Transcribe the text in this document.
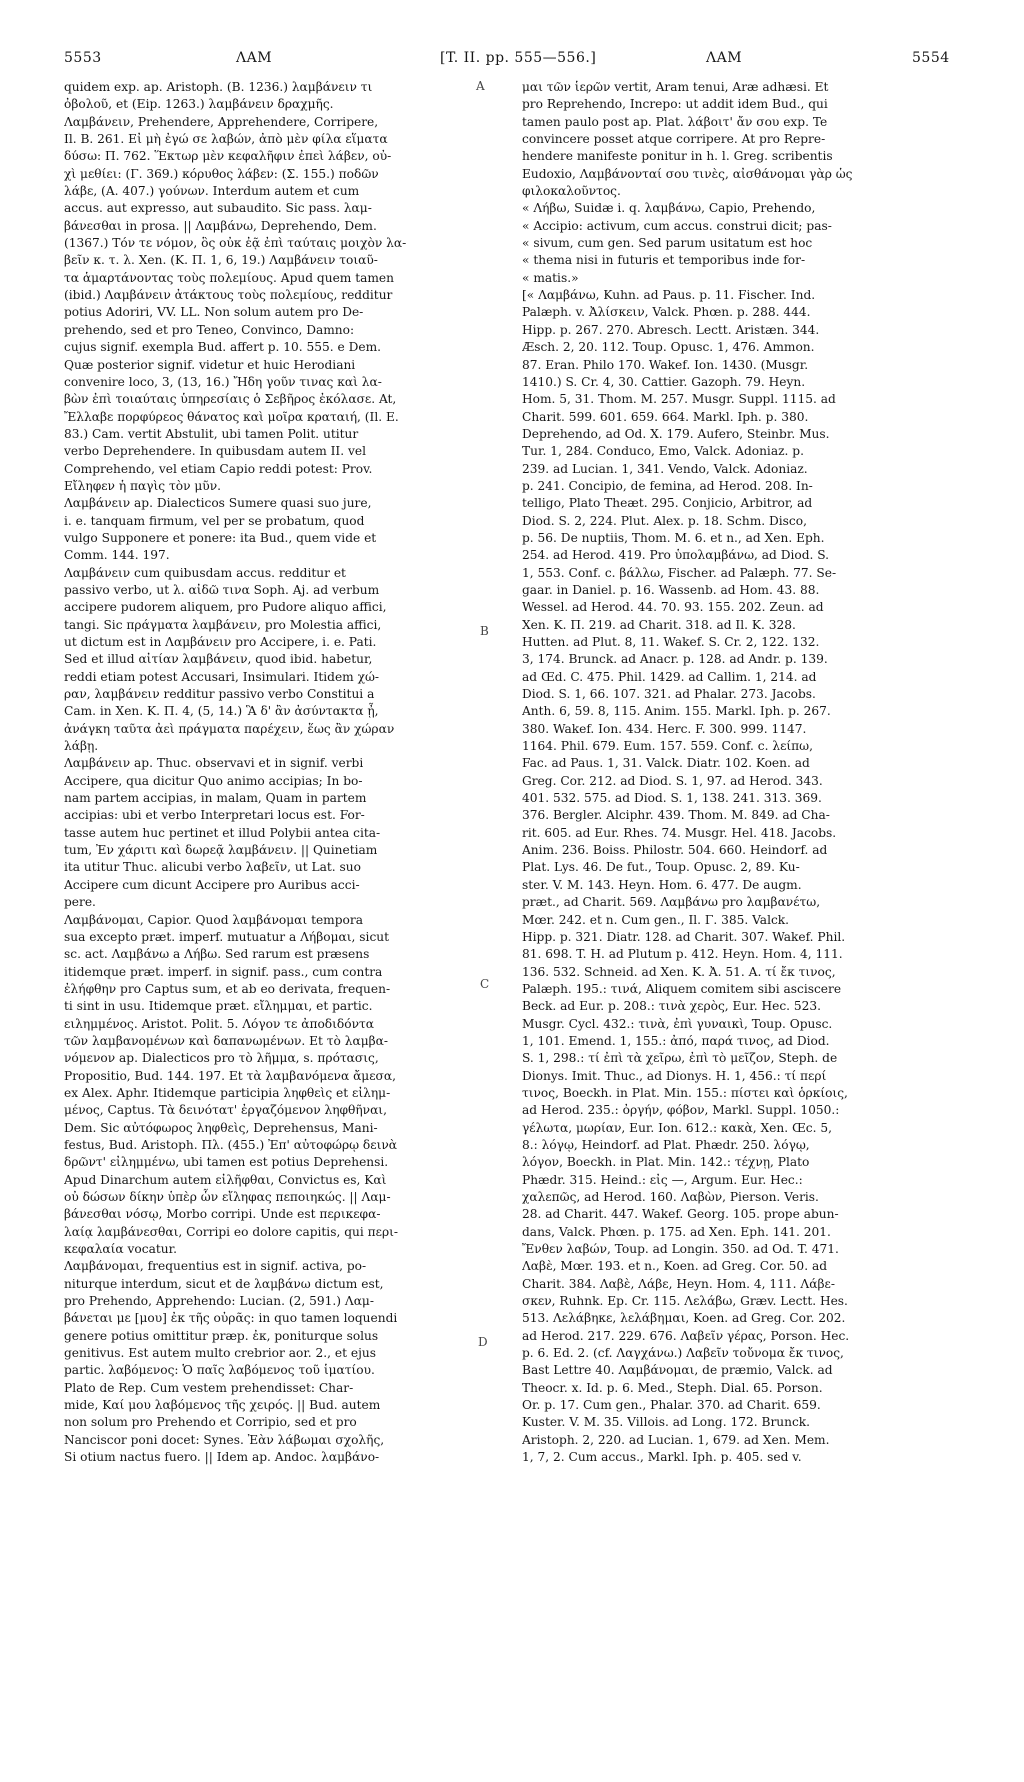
5553	ΛΑΜ	[T. II. pp. 555—556.]	ΛΑΜ	5554
quidem exp. ap. Aristoph. (B. 1236.) λαμβάνειν τι
ὀβολοῦ, et (Eip. 1263.) λαμβάνειν δραχμῆς.
Λαμβάνειν, Prehendere, Apprehendere, Corripere,
Il. B. 261. Εἰ μὴ ἐγώ σε λαβών, ἀπὸ μὲν φίλα εἵματα
δύσω: Π. 762. Ἕκτωρ μὲν κεφαλῆφιν ἐπεὶ λάβεν, οὐ-
χὶ μεθίει: (Γ. 369.) κόρυθος λάβεν: (Σ. 155.) ποδῶν
λάβε, (Α. 407.) γούνων. Interdum autem et cum
accus. aut expresso, aut subaudito. Sic pass. λαμ-
βάνεσθαι in prosa. || Λαμβάνω, Deprehendo, Dem.
(1367.) Τόν τε νόμον, ὃς οὐκ ἐᾷ ἐπὶ ταύταις μοιχὸν λα-
βεῖν κ. τ. λ. Xen. (K. Π. 1, 6, 19.) Λαμβάνειν τοιαῦ-
τα ἁμαρτάνοντας τοὺς πολεμίους. Apud quem tamen
(ibid.) Λαμβάνειν ἀτάκτους τοὺς πολεμίους, redditur
potius Adoriri, VV. LL. Non solum autem pro De-
prehendo, sed et pro Teneo, Convinco, Damno:
cujus signif. exempla Bud. affert p. 10. 555. e Dem.
Quæ posterior signif. videtur et huic Herodiani
convenire loco, 3, (13, 16.) Ἤδη γοῦν τινας καὶ λα-
βὼν ἐπὶ τοιαύταις ὑπηρεσίαις ὁ Σεβῆρος ἐκόλασε. At,
Ἔλλαβε πορφύρεος θάνατος καὶ μοῖρα κραταιή, (Il. E.
83.) Cam. vertit Abstulit, ubi tamen Polit. utitur
verbo Deprehendere. In quibusdam autem II. vel
Comprehendo, vel etiam Capio reddi potest: Prov.
Εἴληφεν ἡ παγὶς τὸν μῦν.
Λαμβάνειν ap. Dialecticos Sumere quasi suo jure,
i. e. tanquam firmum, vel per se probatum, quod
vulgo Supponere et ponere: ita Bud., quem vide et
Comm. 144. 197.
Λαμβάνειν cum quibusdam accus. redditur et
passivo verbo, ut λ. αἰδῶ τινα Soph. Aj. ad verbum
accipere pudorem aliquem, pro Pudore aliquo affici,
tangi. Sic πράγματα λαμβάνειν, pro Molestia affici,
ut dictum est in Λαμβάνειν pro Accipere, i. e. Pati.
Sed et illud αἰτίαν λαμβάνειν, quod ibid. habetur,
reddi etiam potest Accusari, Insimulari. Itidem χώ-
ραν, λαμβάνειν redditur passivo verbo Constitui a
Cam. in Xen. K. Π. 4, (5, 14.) Ἃ δ' ἂν ἀσύντακτα ᾖ,
ἀνάγκη ταῦτα ἀεὶ πράγματα παρέχειν, ἕως ἂν χώραν
λάβῃ.
Λαμβάνειν ap. Thuc. observavi et in signif. verbi
Accipere, qua dicitur Quo animo accipias; In bo-
nam partem accipias, in malam, Quam in partem
accipias: ubi et verbo Interpretari locus est. For-
tasse autem huc pertinet et illud Polybii antea cita-
tum, Ἐν χάριτι καὶ δωρεᾷ λαμβάνειν. || Quinetiam
ita utitur Thuc. alicubi verbo λαβεῖν, ut Lat. suo
Accipere cum dicunt Accipere pro Auribus acci-
pere.
Λαμβάνομαι, Capior. Quod λαμβάνομαι tempora
sua excepto præt. imperf. mutuatur a Λήβομαι, sicut
sc. act. Λαμβάνω a Λήβω. Sed rarum est præsens
itidemque præt. imperf. in signif. pass., cum contra
ἐλήφθην pro Captus sum, et ab eo derivata, frequen-
ti sint in usu. Itidemque præt. εἴλημμαι, et partic.
ειλημμένος. Aristot. Polit. 5. Λόγον τε ἀποδιδόντα
τῶν λαμβανομένων καὶ δαπανωμένων. Et τὸ λαμβα-
νόμενον ap. Dialecticos pro τὸ λῆμμα, s. πρότασις,
Propositio, Bud. 144. 197. Et τὰ λαμβανόμενα ἄμεσα,
ex Alex. Aphr. Itidemque participia ληφθεὶς et εἰλημ-
μένος, Captus. Τὰ δεινότατ' ἐργαζόμενον ληφθῆναι,
Dem. Sic αὐτόφωρος ληφθεὶς, Deprehensus, Mani-
festus, Bud. Aristoph. Πλ. (455.) Ἐπ' αὐτοφώρῳ δεινὰ
δρῶντ' εἰλημμένω, ubi tamen est potius Deprehensi.
Apud Dinarchum autem εἰλῆφθαι, Convictus es, Καὶ
οὐ δώσων δίκην ὑπὲρ ὧν εἴληφας πεποιηκώς. || Λαμ-
βάνεσθαι νόσῳ, Morbo corripi. Unde est περικεφα-
λαίᾳ λαμβάνεσθαι, Corripi eo dolore capitis, qui περι-
κεφαλαία vocatur.
Λαμβάνομαι, frequentius est in signif. activa, po-
niturque interdum, sicut et de λαμβάνω dictum est,
pro Prehendo, Apprehendo: Lucian. (2, 591.) Λαμ-
βάνεται με [μου] ἐκ τῆς οὐρᾶς: in quo tamen loquendi
genere potius omittitur præp. ἐκ, poniturque solus
genitivus. Est autem multo crebrior aor. 2., et ejus
partic. λαβόμενος: Ὁ παῖς λαβόμενος τοῦ ἱματίου.
Plato de Rep. Cum vestem prehendisset: Char-
mide, Καί μου λαβόμενος τῆς χειρός. || Bud. autem
non solum pro Prehendo et Corripio, sed et pro
Nanciscor poni docet: Synes. Ἐὰν λάβωμαι σχολῆς,
Si otium nactus fuero. || Idem ap. Andoc. λαμβάνο-
A
B
C
D
μαι τῶν ἱερῶν vertit, Aram tenui, Aræ adhæsi. Et
pro Reprehendo, Increpo: ut addit idem Bud., qui
tamen paulo post ap. Plat. λάβοιτ' ἄν σου exp. Te
convincere posset atque corripere. At pro Repre-
hendere manifeste ponitur in h. l. Greg. scribentis
Eudoxio, Λαμβάνονταί σου τινὲς, αἰσθάνομαι γὰρ ὡς
φιλοκαλοῦντος.
« Λήβω, Suidæ i. q. λαμβάνω, Capio, Prehendo,
« Accipio: activum, cum accus. construi dicit; pas-
« sivum, cum gen. Sed parum usitatum est hoc
« thema nisi in futuris et temporibus inde for-
« matis.»
[« Λαμβάνω, Kuhn. ad Paus. p. 11. Fischer. Ind.
Palæph. v. Ἀλίσκειν, Valck. Phœn. p. 288. 444.
Hipp. p. 267. 270. Abresch. Lectt. Aristæn. 344.
Æsch. 2, 20. 112. Toup. Opusc. 1, 476. Ammon.
87. Eran. Philo 170. Wakef. Ion. 1430. (Musgr.
1410.) S. Cr. 4, 30. Cattier. Gazoph. 79. Heyn.
Hom. 5, 31. Thom. M. 257. Musgr. Suppl. 1115. ad
Charit. 599. 601. 659. 664. Markl. Iph. p. 380.
Deprehendo, ad Od. X. 179. Aufero, Steinbr. Mus.
Tur. 1, 284. Conduco, Emo, Valck. Adoniaz. p.
239. ad Lucian. 1, 341. Vendo, Valck. Adoniaz.
p. 241. Concipio, de femina, ad Herod. 208. In-
telligo, Plato Theæt. 295. Conjicio, Arbitror, ad
Diod. S. 2, 224. Plut. Alex. p. 18. Schm. Disco,
p. 56. De nuptiis, Thom. M. 6. et n., ad Xen. Eph.
254. ad Herod. 419. Pro ὑπολαμβάνω, ad Diod. S.
1, 553. Conf. c. βάλλω, Fischer. ad Palæph. 77. Se-
gaar. in Daniel. p. 16. Wassenb. ad Hom. 43. 88.
Wessel. ad Herod. 44. 70. 93. 155. 202. Zeun. ad
Xen. K. Π. 219. ad Charit. 318. ad Il. K. 328.
Hutten. ad Plut. 8, 11. Wakef. S. Cr. 2, 122. 132.
3, 174. Brunck. ad Anacr. p. 128. ad Andr. p. 139.
ad Œd. C. 475. Phil. 1429. ad Callim. 1, 214. ad
Diod. S. 1, 66. 107. 321. ad Phalar. 273. Jacobs.
Anth. 6, 59. 8, 115. Anim. 155. Markl. Iph. p. 267.
380. Wakef. Ion. 434. Herc. F. 300. 999. 1147.
1164. Phil. 679. Eum. 157. 559. Conf. c. λείπω,
Fac. ad Paus. 1, 31. Valck. Diatr. 102. Koen. ad
Greg. Cor. 212. ad Diod. S. 1, 97. ad Herod. 343.
401. 532. 575. ad Diod. S. 1, 138. 241. 313. 369.
376. Bergler. Alciphr. 439. Thom. M. 849. ad Cha-
rit. 605. ad Eur. Rhes. 74. Musgr. Hel. 418. Jacobs.
Anim. 236. Boiss. Philostr. 504. 660. Heindorf. ad
Plat. Lys. 46. De fut., Toup. Opusc. 2, 89. Ku-
ster. V. M. 143. Heyn. Hom. 6. 477. De augm.
præt., ad Charit. 569. Λαμβάνω pro λαμβανέτω,
Mœr. 242. et n. Cum gen., Il. Γ. 385. Valck.
Hipp. p. 321. Diatr. 128. ad Charit. 307. Wakef. Phil.
81. 698. T. H. ad Plutum p. 412. Heyn. Hom. 4, 111.
136. 532. Schneid. ad Xen. K. Ἀ. 51. A. τί ἔκ τινος,
Palæph. 195.: τινά, Aliquem comitem sibi asciscere
Beck. ad Eur. p. 208.: τινὰ χερὸς, Eur. Hec. 523.
Musgr. Cycl. 432.: τινὰ, ἐπὶ γυναικὶ, Toup. Opusc.
1, 101. Emend. 1, 155.: ἀπό, παρά τινος, ad Diod.
S. 1, 298.: τί ἐπὶ τὰ χεῖρω, ἐπὶ τὸ μεῖζον, Steph. de
Dionys. Imit. Thuc., ad Dionys. H. 1, 456.: τί περί
τινος, Boeckh. in Plat. Min. 155.: πίστει καὶ ὁρκίοις,
ad Herod. 235.: ὀργήν, φόβον, Markl. Suppl. 1050.:
γέλωτα, μωρίαν, Eur. Ion. 612.: κακὰ, Xen. Œc. 5,
8.: λόγῳ, Heindorf. ad Plat. Phædr. 250. λόγῳ,
λόγον, Boeckh. in Plat. Min. 142.: τέχνῃ, Plato
Phædr. 315. Heind.: εἰς —, Argum. Eur. Hec.:
χαλεπῶς, ad Herod. 160. Λαβὼν, Pierson. Veris.
28. ad Charit. 447. Wakef. Georg. 105. prope abun-
dans, Valck. Phœn. p. 175. ad Xen. Eph. 141. 201.
Ἔνθεν λαβών, Toup. ad Longin. 350. ad Od. T. 471.
Λαβὲ, Mœr. 193. et n., Koen. ad Greg. Cor. 50. ad
Charit. 384. Λαβὲ, Λάβε, Heyn. Hom. 4, 111. Λάβε-
σκεν, Ruhnk. Ep. Cr. 115. Λελάβω, Græv. Lectt. Hes.
513. Λελάβηκε, λελάβημαι, Koen. ad Greg. Cor. 202.
ad Herod. 217. 229. 676. Λαβεῖν γέρας, Porson. Hec.
p. 6. Ed. 2. (cf. Λαγχάνω.) Λαβεῖν τοὔνομα ἔκ τινος,
Bast Lettre 40. Λαμβάνομαι, de præmio, Valck. ad
Theocr. x. Id. p. 6. Med., Steph. Dial. 65. Porson.
Or. p. 17. Cum gen., Phalar. 370. ad Charit. 659.
Kuster. V. M. 35. Villois. ad Long. 172. Brunck.
Aristoph. 2, 220. ad Lucian. 1, 679. ad Xen. Mem.
1, 7, 2. Cum accus., Markl. Iph. p. 405. sed v.
